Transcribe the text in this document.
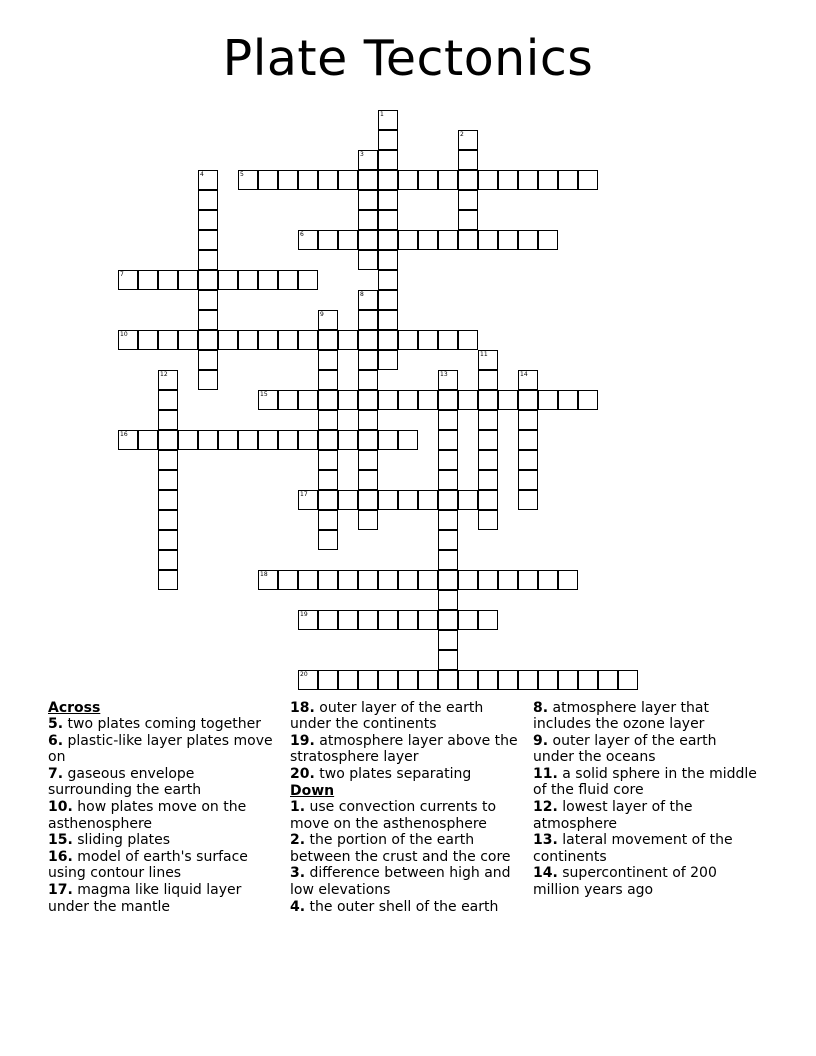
Plate Tectonics
1
2
3
4	5
6
7
8
9
10
11
12	13	14
15
16
17
18
19
20
Across
5. two plates coming together
6. plastic-like layer plates move on
7. gaseous envelope surrounding the earth
10. how plates move on the asthenosphere
15. sliding plates
16. model of earth's surface using contour lines
17. magma like liquid layer under the mantle
18. outer layer of the earth under the continents
19. atmosphere layer above the stratosphere layer
20. two plates separating
Down
1. use convection currents to move on the asthenosphere
2. the portion of the earth between the crust and the core
3. difference between high and low elevations
4. the outer shell of the earth
8. atmosphere layer that includes the ozone layer
9. outer layer of the earth under the oceans
11. a solid sphere in the middle of the fluid core
12. lowest layer of the atmosphere
13. lateral movement of the continents
14. supercontinent of 200 million years ago
